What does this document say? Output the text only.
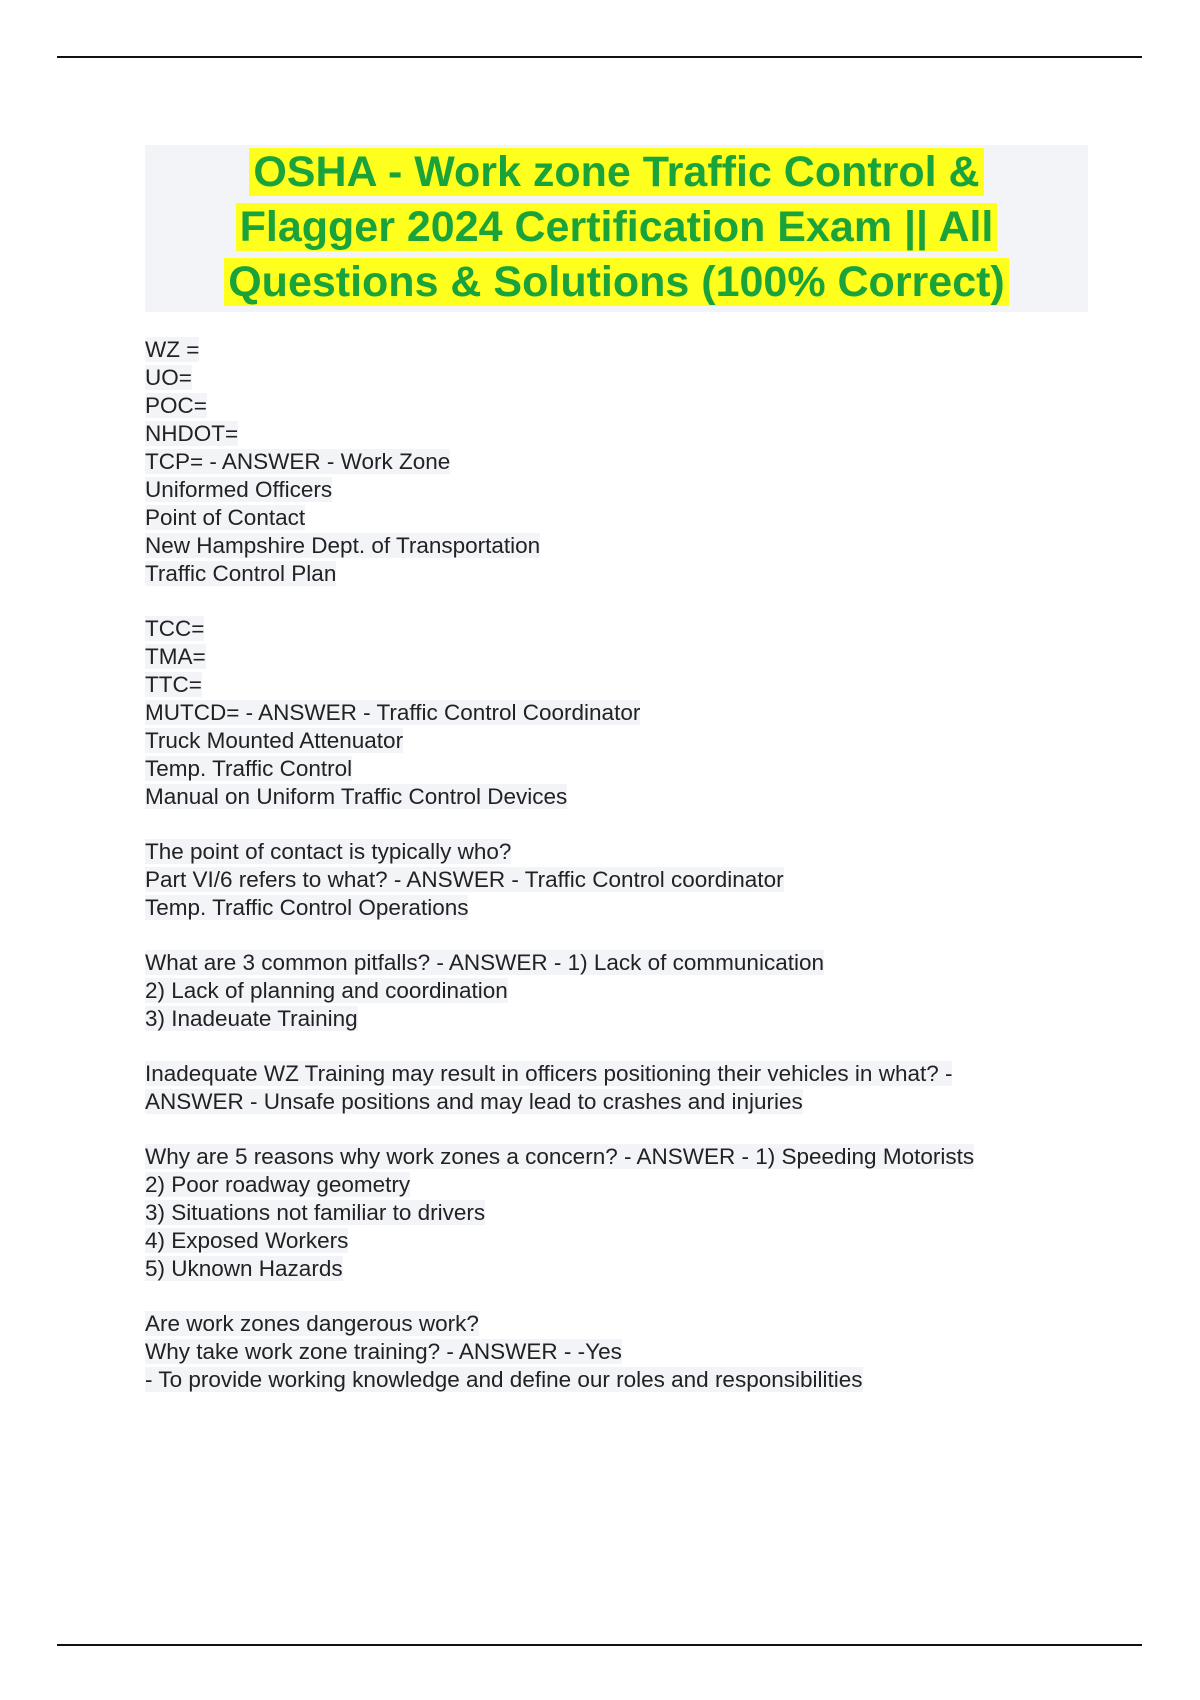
OSHA - Work zone Traffic Control &
Flagger 2024 Certification Exam || All
Questions & Solutions (100% Correct)
WZ =
UO=
POC=
NHDOT=
TCP= - ANSWER - Work Zone
Uniformed Officers
Point of Contact
New Hampshire Dept. of Transportation
Traffic Control Plan
TCC=
TMA=
TTC=
MUTCD= - ANSWER - Traffic Control Coordinator
Truck Mounted Attenuator
Temp. Traffic Control
Manual on Uniform Traffic Control Devices
The point of contact is typically who?
Part VI/6 refers to what? - ANSWER - Traffic Control coordinator
Temp. Traffic Control Operations
What are 3 common pitfalls? - ANSWER - 1) Lack of communication
2) Lack of planning and coordination
3) Inadeuate Training
Inadequate WZ Training may result in officers positioning their vehicles in what? -
ANSWER - Unsafe positions and may lead to crashes and injuries
Why are 5 reasons why work zones a concern? - ANSWER - 1) Speeding Motorists
2) Poor roadway geometry
3) Situations not familiar to drivers
4) Exposed Workers
5) Uknown Hazards
Are work zones dangerous work?
Why take work zone training? - ANSWER - -Yes
- To provide working knowledge and define our roles and responsibilities
